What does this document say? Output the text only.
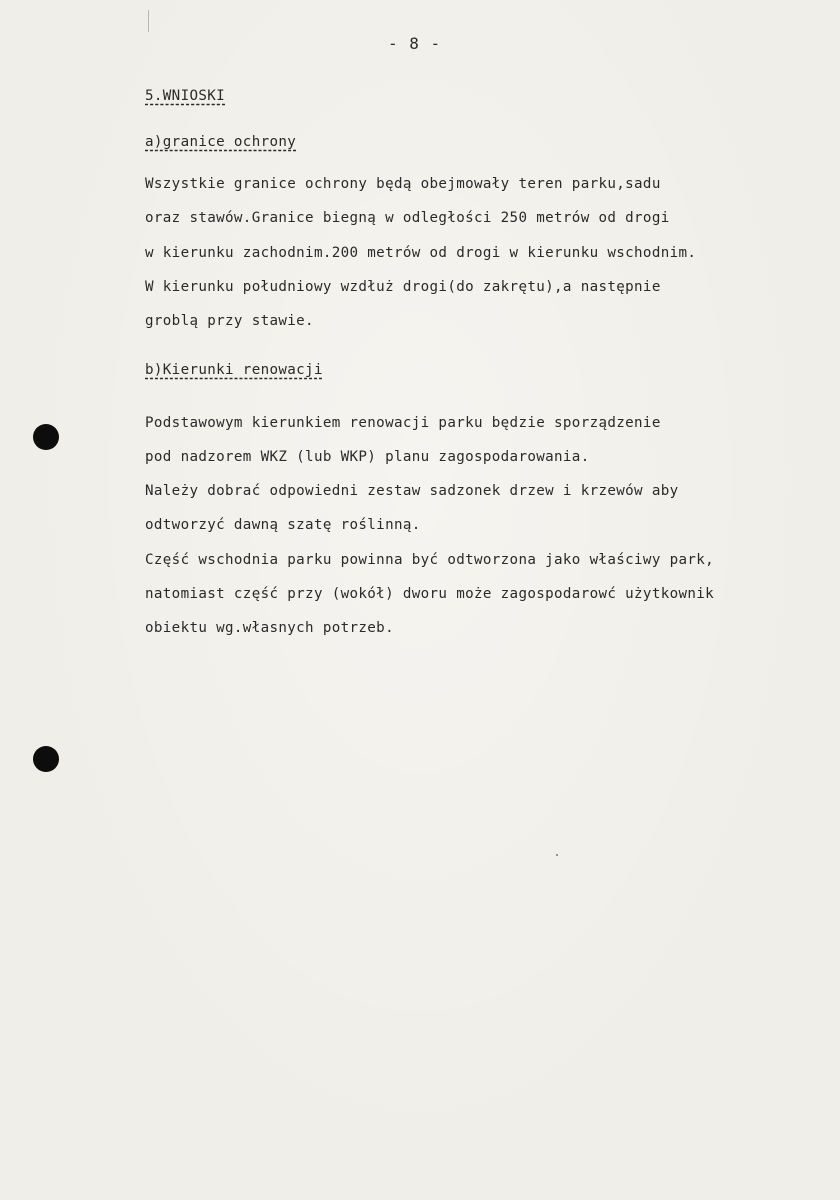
- 8 -
5.WNIOSKI
a)granice ochrony
Wszystkie granice ochrony będą obejmowały teren parku,sadu
oraz stawów.Granice biegną w odległości 250 metrów od drogi
w kierunku zachodnim.200 metrów od drogi w kierunku wschodnim.
W kierunku południowy wzdłuż drogi(do zakrętu),a następnie
groblą przy stawie.
b)Kierunki renowacji
Podstawowym kierunkiem renowacji parku będzie sporządzenie
pod nadzorem WKZ (lub WKP) planu zagospodarowania.
Należy dobrać odpowiedni zestaw sadzonek drzew i krzewów aby
odtworzyć dawną szatę roślinną.
Część wschodnia parku powinna być odtworzona jako właściwy park,
natomiast część przy (wokół) dworu może zagospodarowć użytkownik
obiektu wg.własnych potrzeb.
